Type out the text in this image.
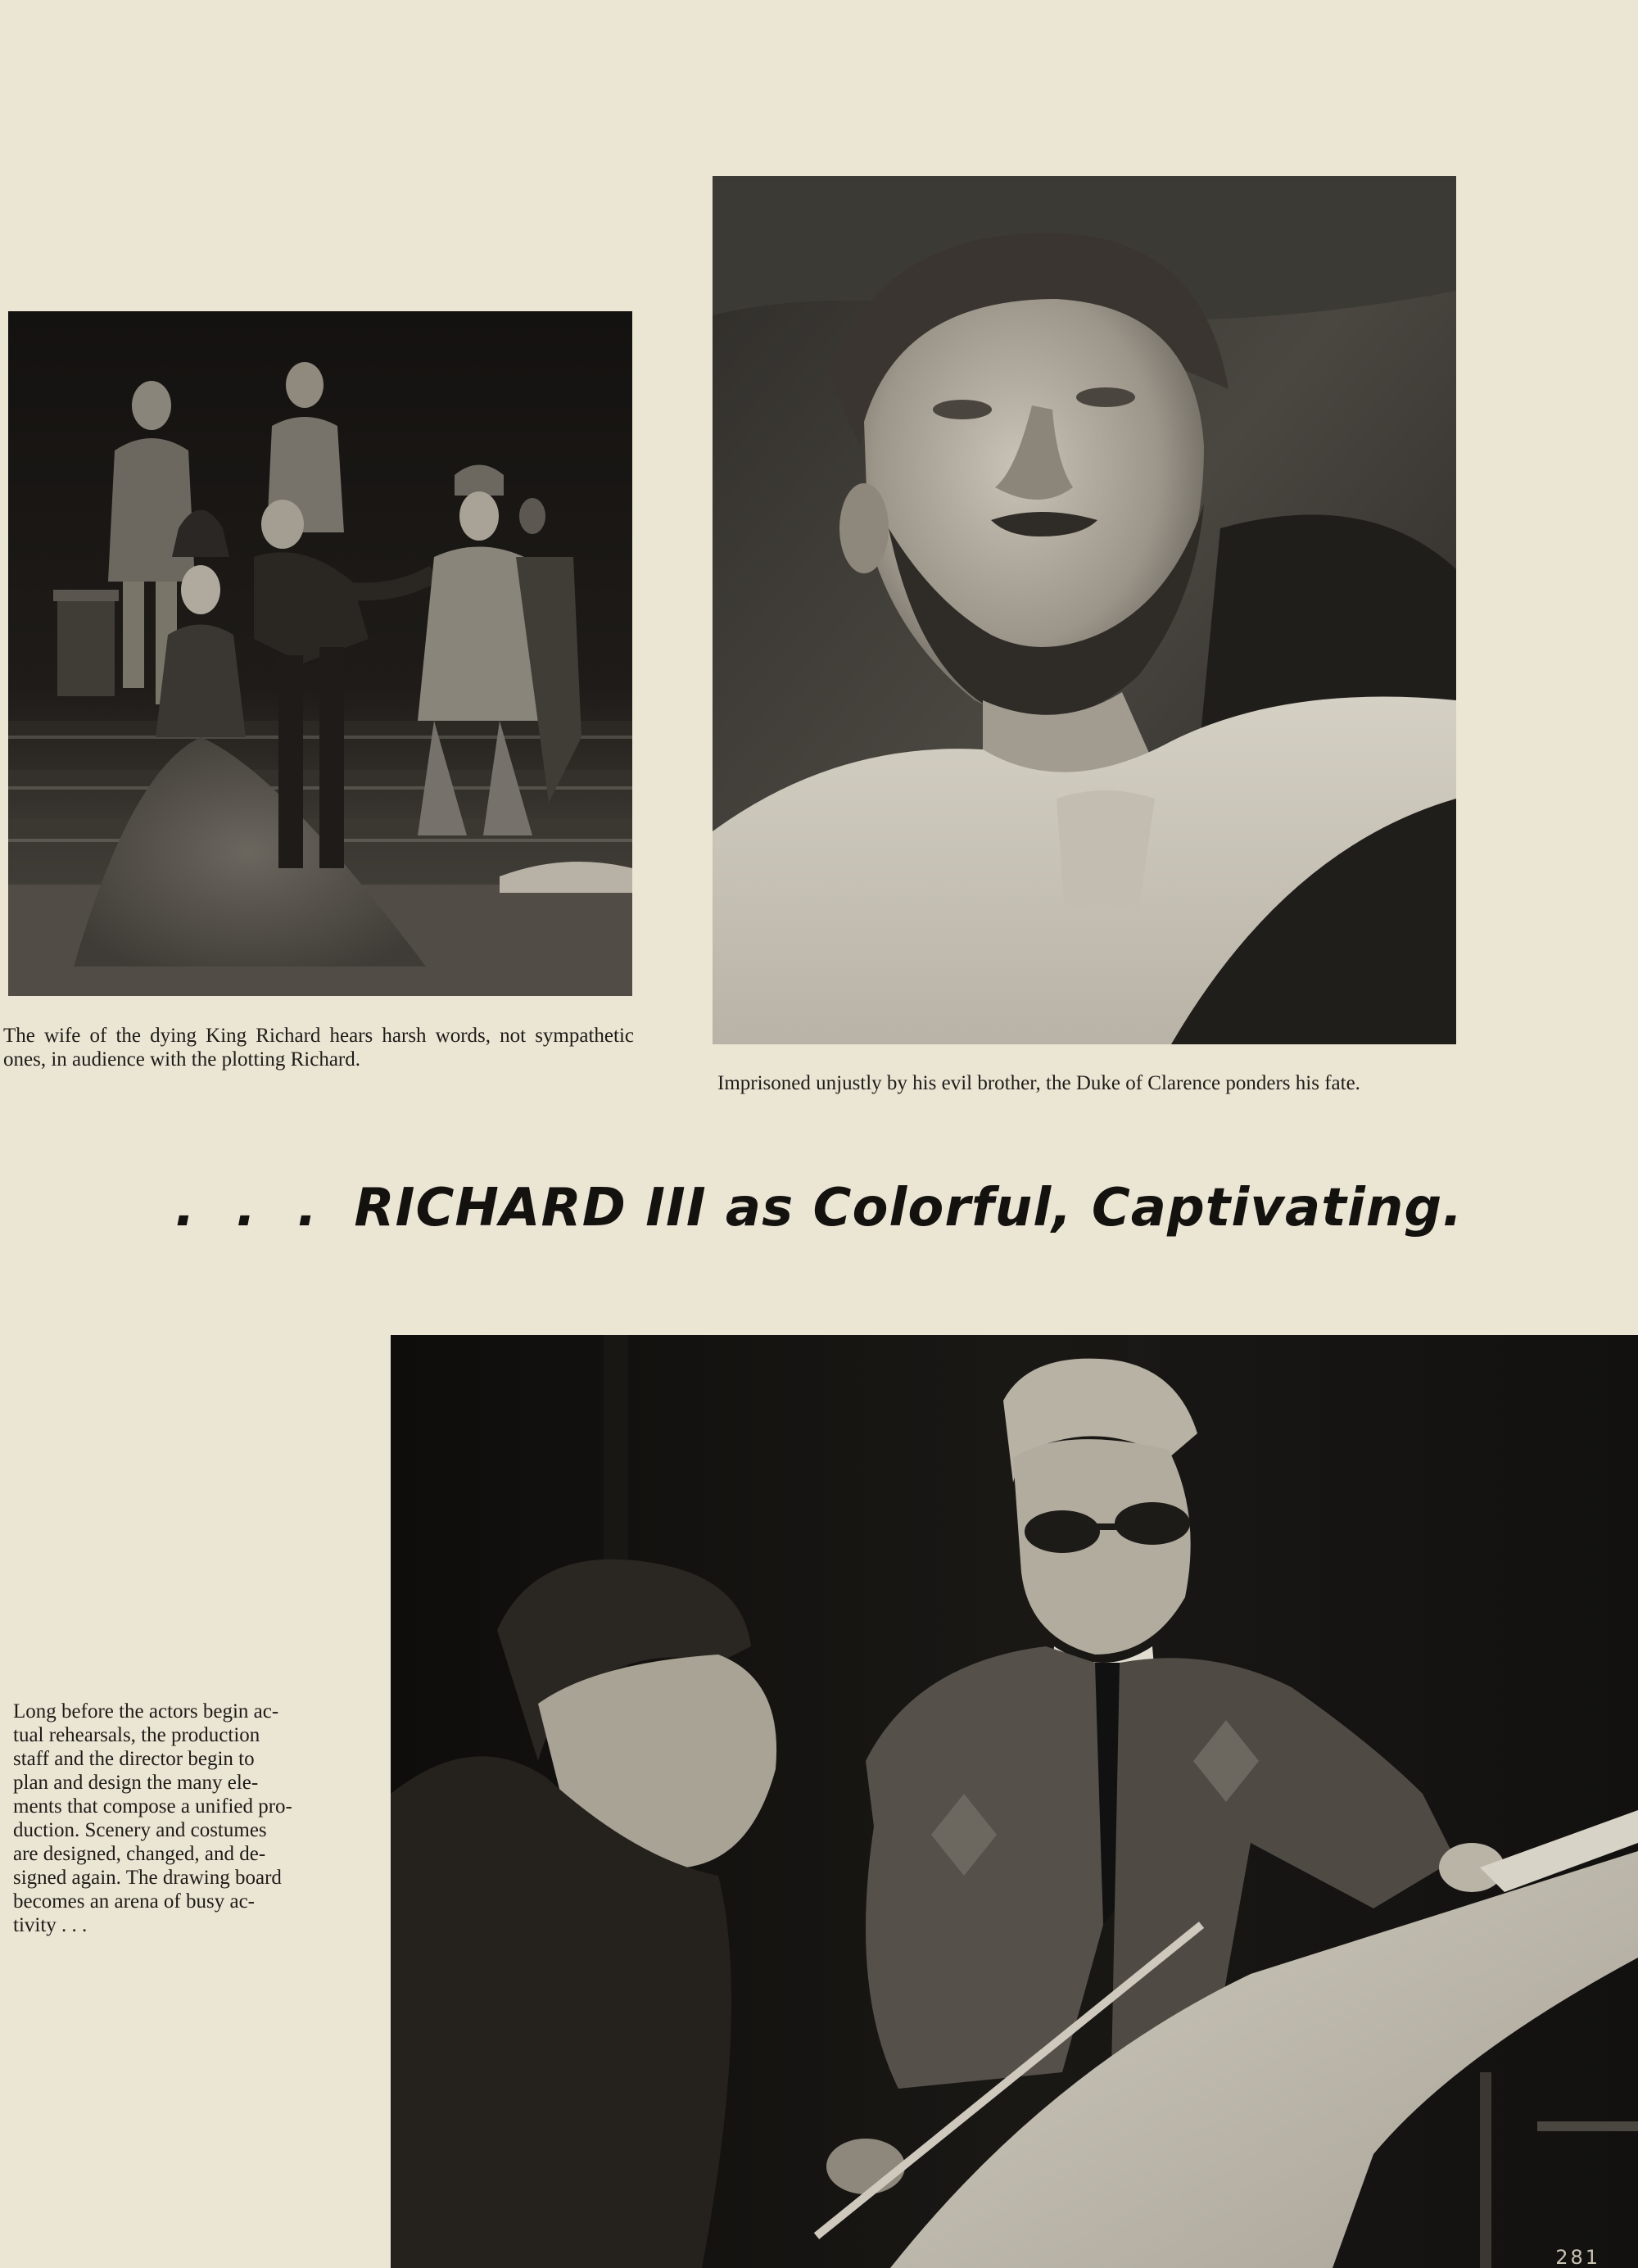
The wife of the dying King Richard hears harsh words, not sympathetic ones, in audience with the plotting Richard.

Imprisoned unjustly by his evil brother, the Duke of Clarence ponders his fate.

. . . RICHARD III as Colorful, Captivating.
Long before the actors begin ac-
tual rehearsals, the production
staff and the director begin to
plan and design the many ele-
ments that compose a unified pro-
duction. Scenery and costumes
are designed, changed, and de-
signed again. The drawing board
becomes an arena of busy ac-
tivity . . .

281
